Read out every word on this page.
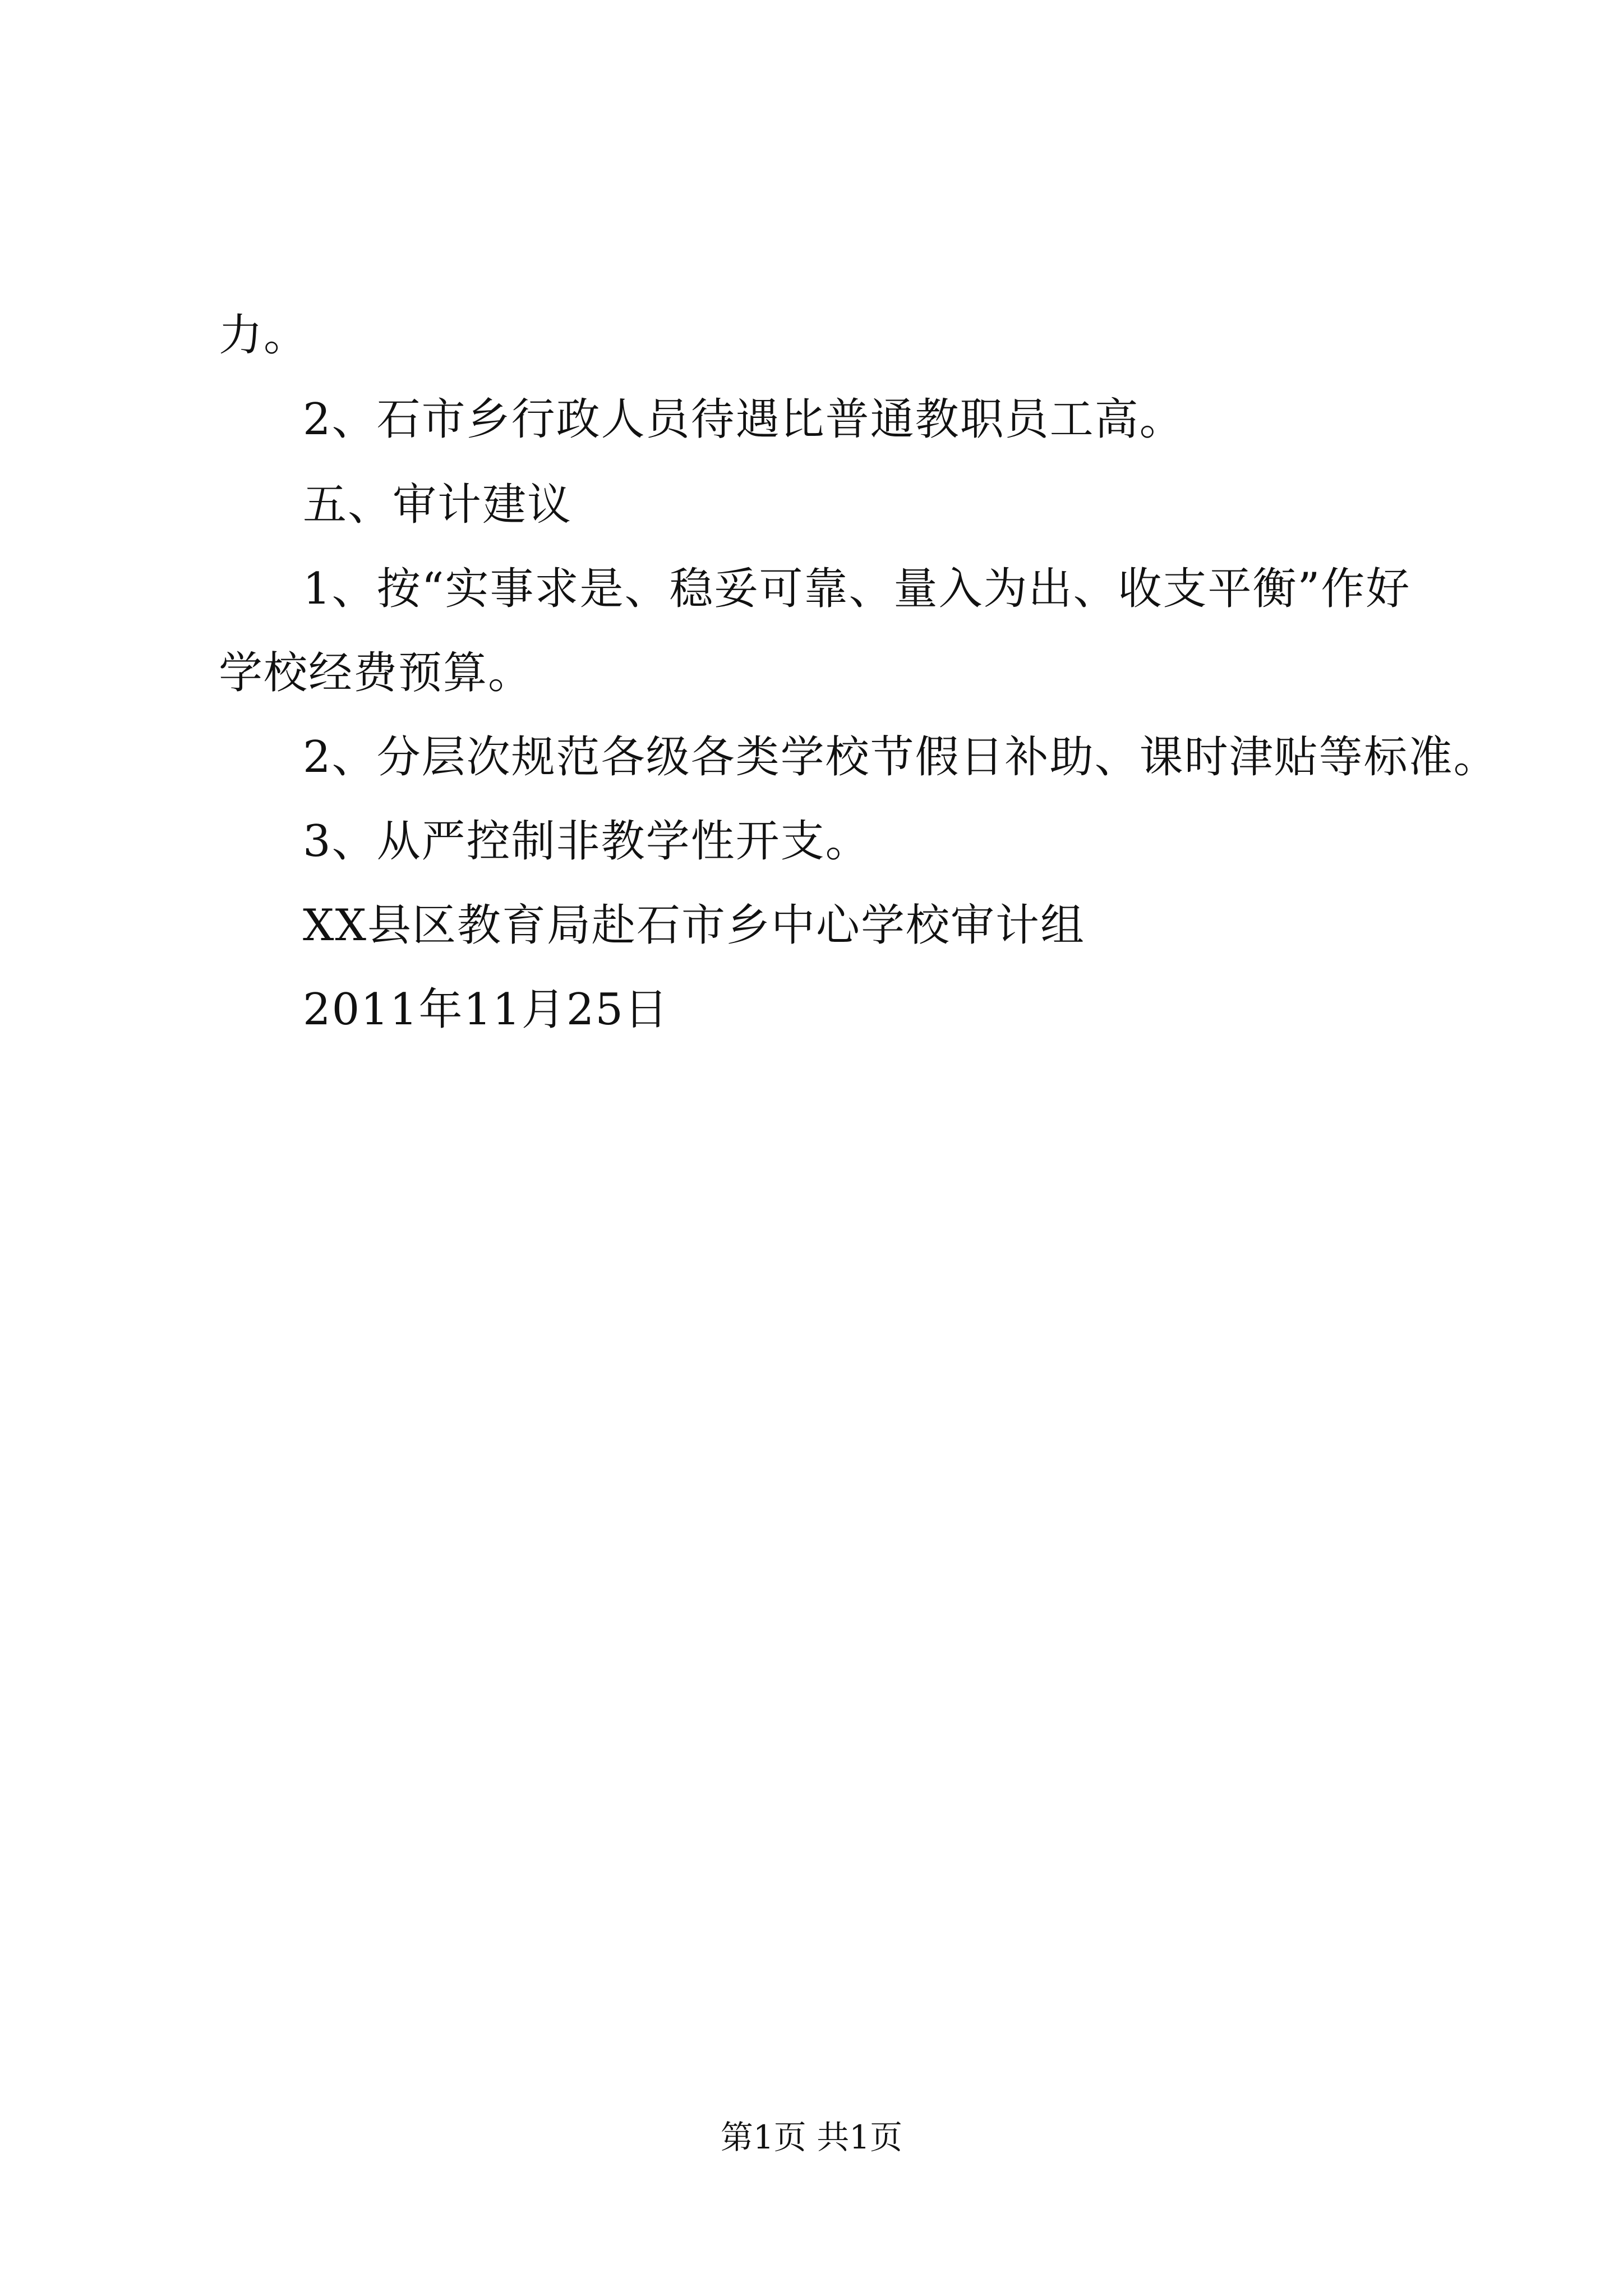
力。
2、石市乡行政人员待遇比普通教职员工高。
五、审计建议
1、按“实事求是、稳妥可靠、量入为出、收支平衡”作好
学校经费预算。
2、分层次规范各级各类学校节假日补助、课时津贴等标准。
3、从严控制非教学性开支。
XX县区教育局赴石市乡中心学校审计组
2011年11月25日
第1页 共1页
